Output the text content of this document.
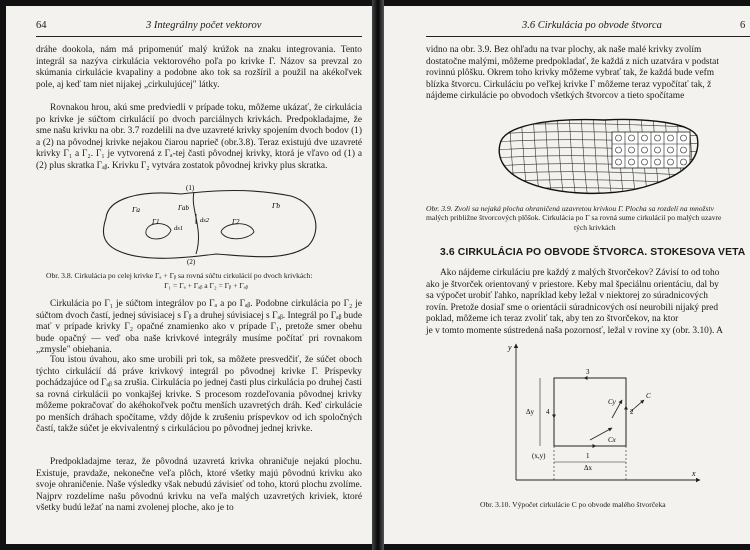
64	3 Integrálny počet vektorov

dráhe dookola, nám má pripomenúť malý krúžok na znaku integrovania. Tento integrál sa nazýva cirkulácia vektorového poľa po krivke Γ. Názov sa prevzal zo skúmania cirkulácie kvapaliny a podobne ako tok sa rozšíril a použil na akékoľvek pole, aj keď tam niet nijakej „cirkulujúcej" látky.

Rovnakou hrou, akú sme predviedli v prípade toku, môžeme ukázať, že cirkulácia po krivke je súčtom cirkulácií po dvoch parciálnych krivkách. Predpokladajme, že sme našu krivku na obr. 3.7 rozdelili na dve uzavreté krivky spojením dvoch bodov (1) a (2) na pôvodnej krivke nejakou čiarou naprieč (obr.3.8). Teraz existujú dve uzavreté krivky Γ₁ a Γ₂. Γ₁ je vytvorená z Γₐ-tej časti pôvodnej krivky, ktorá je vľavo od (1) a (2) plus skratka Γₐᵦ. Krivku Γ₂ vytvára zostatok pôvodnej krivky plus skratka.

(1)
(2)
Γa	Γb
Γab
Γ1	Γ2
ds1
ds2

Obr. 3.8. Cirkulácia po celej krivke Γₐ + Γᵦ sa rovná súčtu cirkulácií po dvoch krivkách:

Γ₁ = Γₐ + Γₐᵦ a Γ₂ = Γᵦ + Γₐᵦ

Cirkulácia po Γ₁ je súčtom integrálov po Γₐ a po Γₐᵦ. Podobne cirkulácia po Γ₂ je súčtom dvoch častí, jednej súvisiacej s Γᵦ a druhej súvisiacej s Γₐᵦ. Integrál po Γₐᵦ bude mať v prípade krivky Γ₂ opačné znamienko ako v prípade Γ₁, pretože smer obehu bude opačný — veď oba naše krivkové integrály musíme počítať pri rovnakom „zmysle" obiehania.

Tou istou úvahou, ako sme urobili pri tok, sa môžete presvedčiť, že súčet oboch týchto cirkulácií dá práve krivkový integrál po pôvodnej krivke Γ. Príspevky pochádzajúce od Γₐᵦ sa zrušia. Cirkulácia po jednej časti plus cirkulácia po druhej časti sa rovná cirkulácii po vonkajšej krivke. S procesom rozdeľovania pôvodnej krivky môžeme pokračovať do akéhokoľvek počtu menších uzavretých dráh. Keď cirkulácie po menších dráhach spočítame, vždy dôjde k zrušeniu príspevkov od ich spoločných častí, takže súčet je ekvivalentný s cirkuláciou po pôvodnej jednej krivke.

Predpokladajme teraz, že pôvodná uzavretá krivka ohraničuje nejakú plochu. Existuje, pravdaže, nekonečne veľa plôch, ktoré všetky majú pôvodnú krivku ako svoje ohraničenie. Naše výsledky však nebudú závisieť od toho, ktorú plochu zvolíme. Najprv rozdelíme našu pôvodnú krivku na veľa malých uzavretých kriviek, ktoré všetky budú ležať na nami zvolenej ploche, ako je to

3.6 Cirkulácia po obvode štvorca	6
vidno na obr. 3.9. Bez ohľadu na tvar plochy, ak naše malé krivky zvolím
dostatočne malými, môžeme predpokladať, že každá z nich uzatvára v podstat
rovinnú plôšku. Okrem toho krivky môžeme vybrať tak, že každá bude vefm
blízka štvorcu. Cirkuláciu po veľkej krivke Γ môžeme teraz vypočítať tak, ž
nájdeme cirkulácie po obvodoch všetkých štvorcov a tieto spočítame
Obr. 3.9. Zvoli sa nejaká plocha ohraničená uzavretou krivkou Γ. Plocha sa rozdelí na množstv
malých približne štvorcových plôšok. Cirkulácia po Γ sa rovná sume cirkulácií po malých uzavre
tých krivkách
3.6 CIRKULÁCIA PO OBVODE ŠTVORCA. STOKESOVA VETA
Ako nájdeme cirkuláciu pre každý z malých štvorčekov? Závisí to od toho
ako je štvorček orientovaný v priestore. Keby mal špeciálnu orientáciu, dal by
sa výpočet urobiť ľahko, napríklad keby ležal v niektorej zo súradnicových
rovín. Pretože dosiaľ sme o orientácii súradnicových osí neurobili nijaký pred
poklad, môžeme ich teraz zvoliť tak, aby ten zo štvorčekov, na ktor
je v tomto momente sústredená naša pozornosť, ležal v rovine xy (obr. 3.10). A
y
x
1
2
3
4
Δx
Δy
(x,y)
Cx
Cy
C

Obr. 3.10. Výpočet cirkulácie C po obvode malého štvorčeka
